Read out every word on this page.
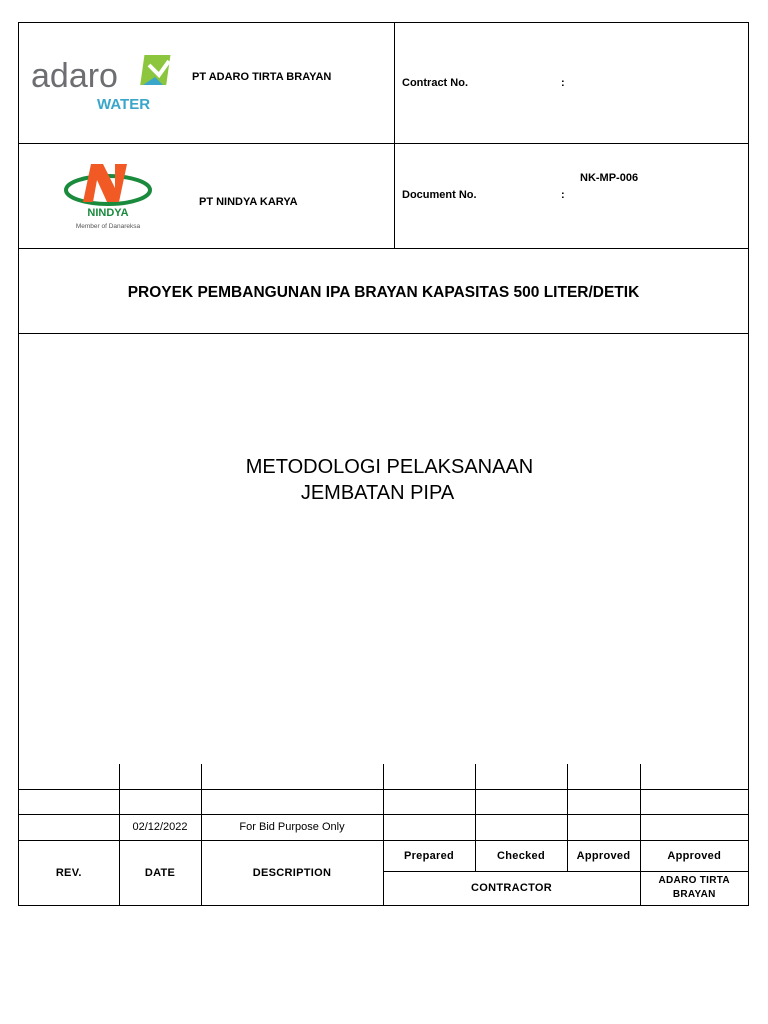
adaro
WATER
PT ADARO TIRTA BRAYAN	Contract No.	:
NINDYA
Member of Danareksa
PT NINDYA KARYA
NK-MP-006
Document No.	:
PROYEK PEMBANGUNAN IPA BRAYAN KAPASITAS 500 LITER/DETIK
METODOLOGI PELAKSANAAN
JEMBATAN PIPA

	02/12/2022	For Bid Purpose Only				
REV.	DATE	DESCRIPTION	Prepared	Checked	Approved	Approved
			CONTRACTOR			ADARO TIRTA
BRAYAN
